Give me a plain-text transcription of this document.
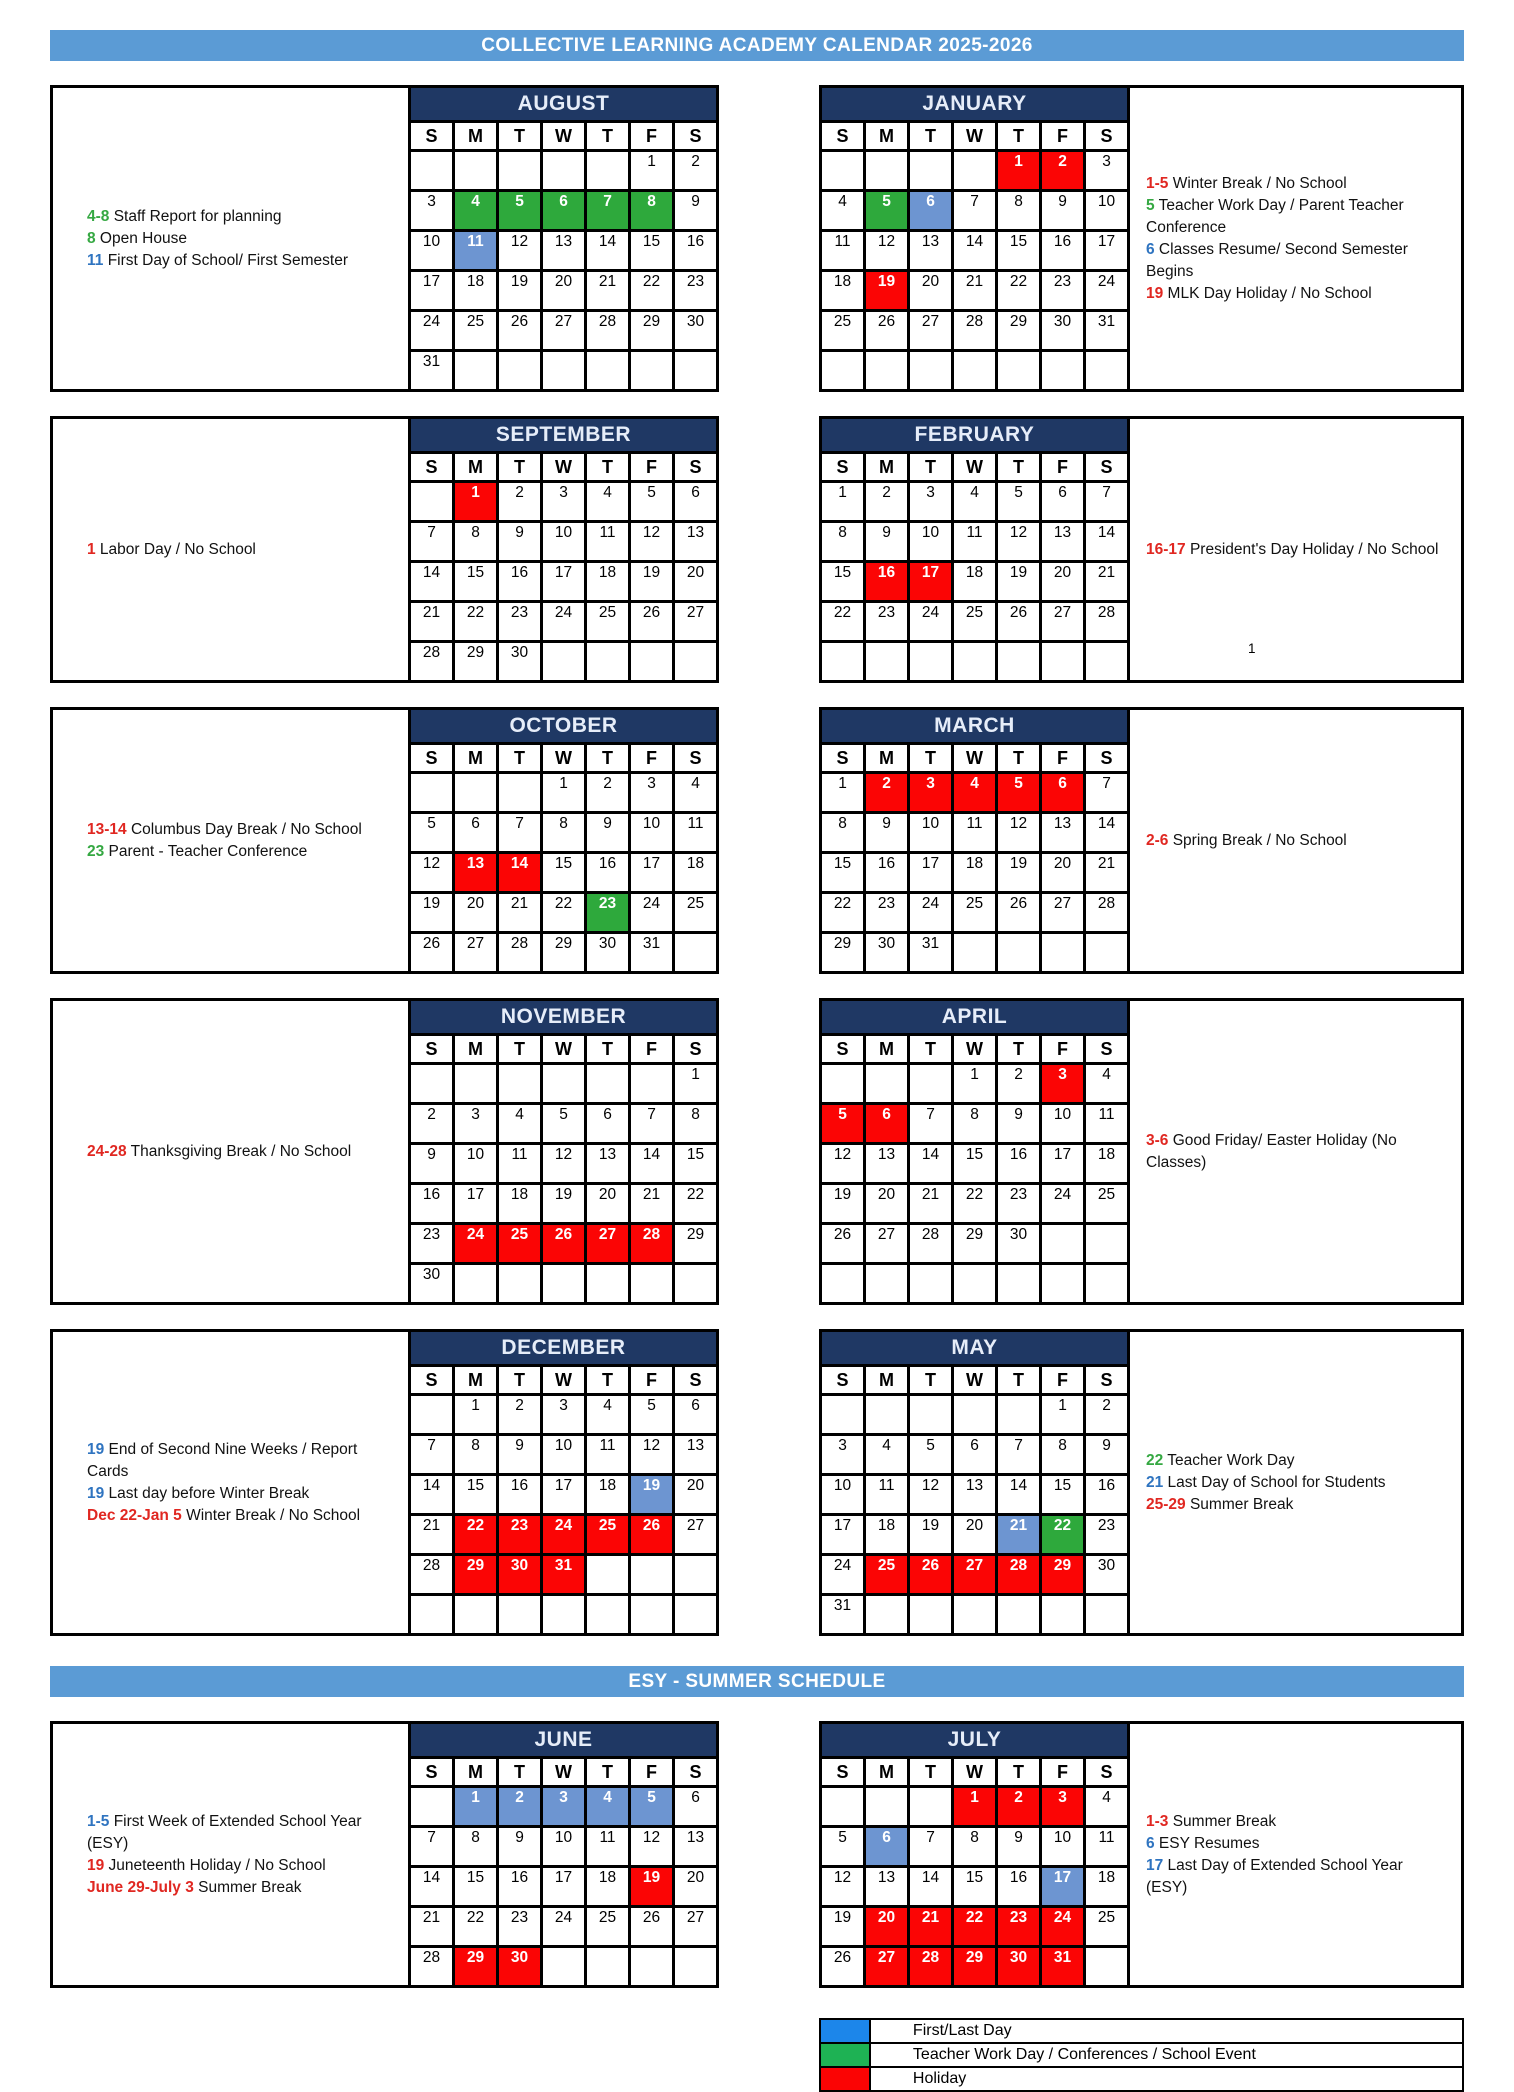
COLLECTIVE LEARNING ACADEMY CALENDAR 2025-2026
4-8 Staff Report for planning
8 Open House
11 First Day of School/ First Semester
AUGUST						
S	M	T	W	T	F	S
					1	2
3	4	5	6	7	8	9
10	11	12	13	14	15	16
17	18	19	20	21	22	23
24	25	26	27	28	29	30
31						
JANUARY						
S	M	T	W	T	F	S
				1	2	3
4	5	6	7	8	9	10
11	12	13	14	15	16	17
18	19	20	21	22	23	24
25	26	27	28	29	30	31

1-5 Winter Break / No School
5 Teacher Work Day / Parent Teacher Conference
6 Classes Resume/ Second Semester Begins
19 MLK Day Holiday / No School
1 Labor Day / No School
SEPTEMBER						
S	M	T	W	T	F	S
	1	2	3	4	5	6
7	8	9	10	11	12	13
14	15	16	17	18	19	20
21	22	23	24	25	26	27
28	29	30				
FEBRUARY						
S	M	T	W	T	F	S
1	2	3	4	5	6	7
8	9	10	11	12	13	14
15	16	17	18	19	20	21
22	23	24	25	26	27	28

16-17 President's Day Holiday / No School
13-14 Columbus Day Break / No School
23 Parent - Teacher Conference
OCTOBER						
S	M	T	W	T	F	S
			1	2	3	4
5	6	7	8	9	10	11
12	13	14	15	16	17	18
19	20	21	22	23	24	25
26	27	28	29	30	31	
MARCH						
S	M	T	W	T	F	S
1	2	3	4	5	6	7
8	9	10	11	12	13	14
15	16	17	18	19	20	21
22	23	24	25	26	27	28
29	30	31				
2-6 Spring Break / No School
24-28 Thanksgiving Break / No School
NOVEMBER						
S	M	T	W	T	F	S
						1
2	3	4	5	6	7	8
9	10	11	12	13	14	15
16	17	18	19	20	21	22
23	24	25	26	27	28	29
30						
APRIL						
S	M	T	W	T	F	S
			1	2	3	4
5	6	7	8	9	10	11
12	13	14	15	16	17	18
19	20	21	22	23	24	25
26	27	28	29	30		

3-6 Good Friday/ Easter Holiday (No Classes)
19 End of Second Nine Weeks / Report Cards
19 Last day before Winter Break
Dec 22-Jan 5 Winter Break / No School
DECEMBER						
S	M	T	W	T	F	S
	1	2	3	4	5	6
7	8	9	10	11	12	13
14	15	16	17	18	19	20
21	22	23	24	25	26	27
28	29	30	31			

MAY						
S	M	T	W	T	F	S
					1	2
3	4	5	6	7	8	9
10	11	12	13	14	15	16
17	18	19	20	21	22	23
24	25	26	27	28	29	30
31						
22 Teacher Work Day
21 Last Day of School for Students
25-29 Summer Break
ESY - SUMMER SCHEDULE
1-5 First Week of Extended School Year (ESY)
19 Juneteenth Holiday / No School
June 29-July 3 Summer Break
JUNE						
S	M	T	W	T	F	S
	1	2	3	4	5	6
7	8	9	10	11	12	13
14	15	16	17	18	19	20
21	22	23	24	25	26	27
28	29	30				
JULY						
S	M	T	W	T	F	S
			1	2	3	4
5	6	7	8	9	10	11
12	13	14	15	16	17	18
19	20	21	22	23	24	25
26	27	28	29	30	31	
1-3 Summer Break
6 ESY Resumes
17 Last Day of Extended School Year (ESY)
	First/Last Day
	Teacher Work Day / Conferences / School Event
	Holiday
1
